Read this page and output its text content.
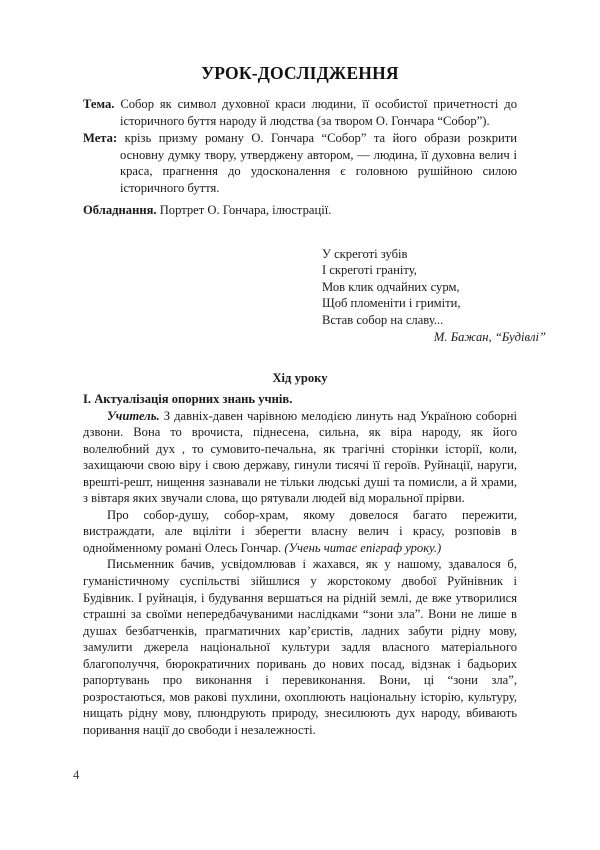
УРОК-ДОСЛІДЖЕННЯ
Тема. Собор як символ духовної краси людини, її особистої причетності до історичного буття народу й людства (за твором О. Гончара “Собор”).
Мета: крізь призму роману О. Гончара “Собор” та його образи розкрити основну думку твору, утверджену автором, — людина, її духовна велич і краса, прагнення до удосконалення є головною рушійною силою історичного буття.
Обладнання. Портрет О. Гончара, ілюстрації.
У скреготі зубів
І скреготі граніту,
Мов клик одчайних сурм,
Щоб пломеніти і гриміти,
Встав собор на славу...
М. Бажан, “Будівлі”
Хід уроку
І. Актуалізація опорних знань учнів.

Учитель. З давніх-давен чарівною мелодією линуть над Україною соборні дзвони. Вона то врочиста, піднесена, сильна, як віра народу, як його волелюбний дух , то сумовито-печальна, як трагічні сторінки історії, коли, захищаючи свою віру і свою державу, гинули тисячі її героїв. Руйнації, наруги, врешті-решт, нищення зазнавали не тільки людські душі та помисли, а й храми, з вівтаря яких звучали слова, що рятували людей від моральної прірви.

Про собор-душу, собор-храм, якому довелося багато пережити, вистраждати, але вціліти і зберегти власну велич і красу, розповів в однойменному романі Олесь Гончар. (Учень читає епіграф уроку.)

Письменник бачив, усвідомлював і жахався, як у нашому, здавалося б, гуманістичному суспільстві зійшлися у жорстокому двобої Руйнівник і Будівник. І руйнація, і будування вершаться на рідній землі, де вже утворилися страшні за своїми непередбачуваними наслідками “зони зла”. Вони не лише в душах безбатченків, прагматичних кар’єристів, ладних забути рідну мову, замулити джерела національної культури задля власного матеріального благополуччя, бюрократичних поривань до нових посад, відзнак і бадьорих рапортувань про виконання і перевиконання. Вони, ці “зони зла”, розростаються, мов ракові пухлини, охоплюють національну історію, культуру, нищать рідну мову, плюндрують природу, знесилюють дух народу, вбивають поривання нації до свободи і незалежності.

4
